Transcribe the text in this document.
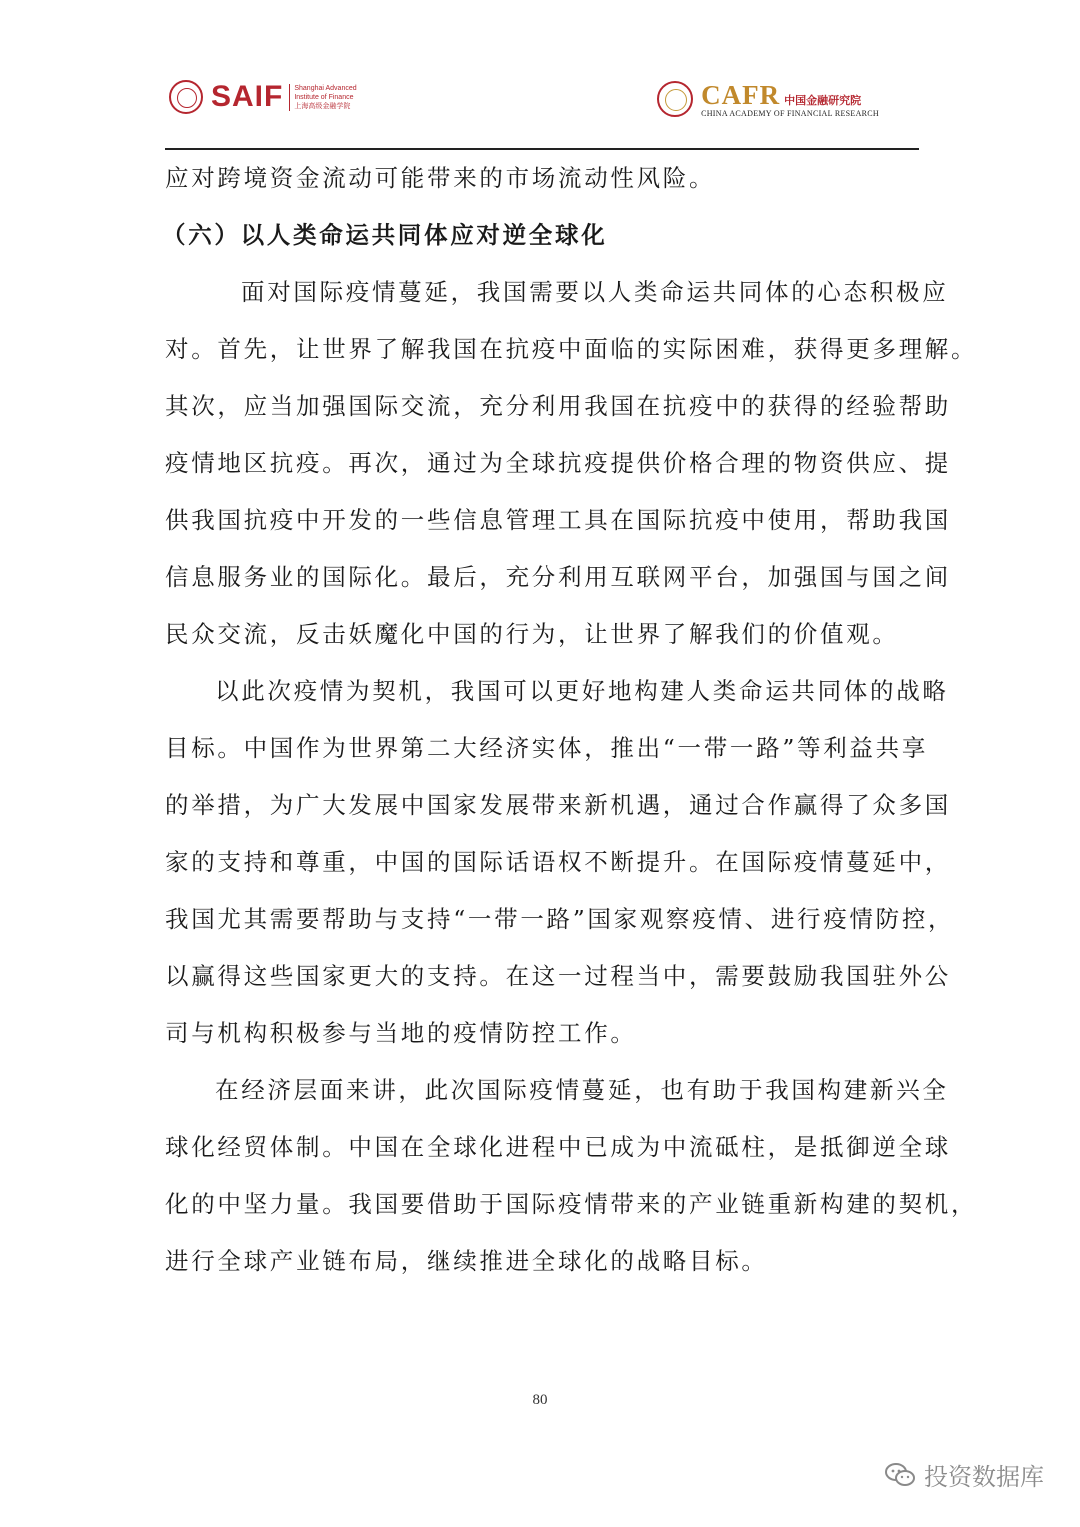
SAIF Shanghai Advanced
Institute of Finance
上海高级金融学院	CAFR 中国金融研究院
CHINA ACADEMY OF FINANCIAL RESEARCH
应对跨境资金流动可能带来的市场流动性风险。
（六）以人类命运共同体应对逆全球化
面对国际疫情蔓延，我国需要以人类命运共同体的心态积极应
对。首先，让世界了解我国在抗疫中面临的实际困难，获得更多理解。
其次，应当加强国际交流，充分利用我国在抗疫中的获得的经验帮助
疫情地区抗疫。再次，通过为全球抗疫提供价格合理的物资供应、提
供我国抗疫中开发的一些信息管理工具在国际抗疫中使用，帮助我国
信息服务业的国际化。最后，充分利用互联网平台，加强国与国之间
民众交流，反击妖魔化中国的行为，让世界了解我们的价值观。
以此次疫情为契机，我国可以更好地构建人类命运共同体的战略
目标。中国作为世界第二大经济实体，推出“一带一路”等利益共享
的举措，为广大发展中国家发展带来新机遇，通过合作赢得了众多国
家的支持和尊重，中国的国际话语权不断提升。在国际疫情蔓延中，
我国尤其需要帮助与支持“一带一路”国家观察疫情、进行疫情防控，
以赢得这些国家更大的支持。在这一过程当中，需要鼓励我国驻外公
司与机构积极参与当地的疫情防控工作。
在经济层面来讲，此次国际疫情蔓延，也有助于我国构建新兴全
球化经贸体制。中国在全球化进程中已成为中流砥柱，是抵御逆全球
化的中坚力量。我国要借助于国际疫情带来的产业链重新构建的契机，
进行全球产业链布局，继续推进全球化的战略目标。
80
投资数据库
